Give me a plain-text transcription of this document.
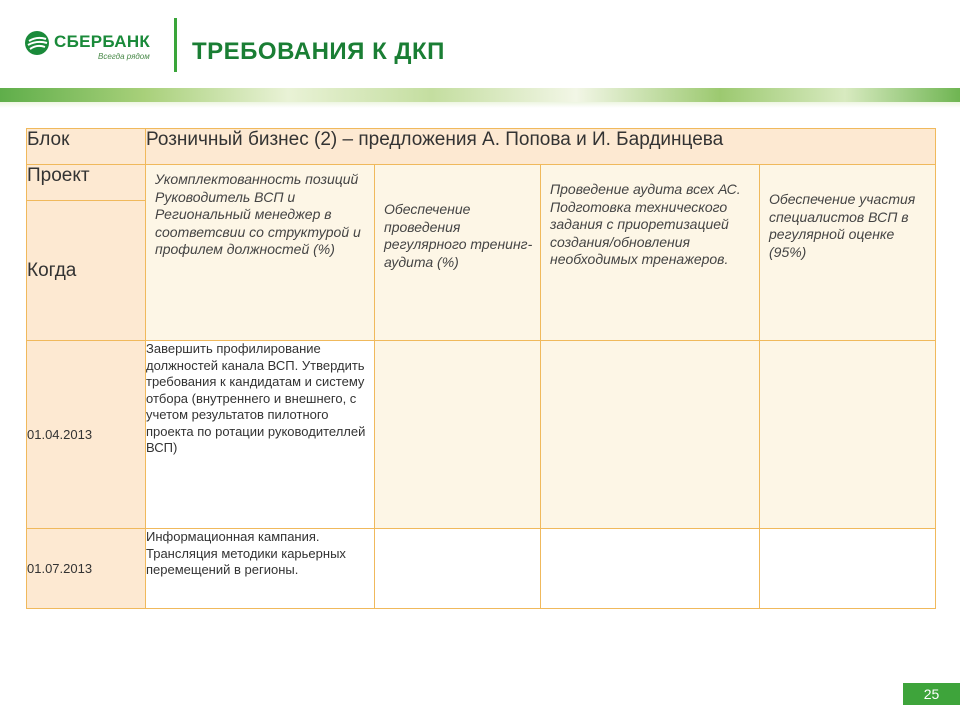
СБЕРБАНК
Всегда рядом ТРЕБОВАНИЯ К ДКП
Блок	Розничный бизнес (2) – предложения А. Попова и И. Бардинцева			
Проект	Укомплектованность позиций Руководитель ВСП и Региональный менеджер в соответсвии со структурой и профилем должностей (%)	Обеспечение проведения регулярного тренинг-аудита (%)	Проведение аудита всех АС. Подготовка технического задания с приоретизацией создания/обновления необходимых тренажеров.	Обеспечение участия специалистов ВСП в регулярной оценке (95%)
Когда				
01.04.2013	Завершить профилирование должностей канала ВСП. Утвердить требования к кандидатам и систему отбора (внутреннего и внешнего, с учетом результатов пилотного проекта по ротации руководителлей ВСП)			
01.07.2013	Информационная кампания. Трансляция методики карьерных перемещений в регионы.			
25
